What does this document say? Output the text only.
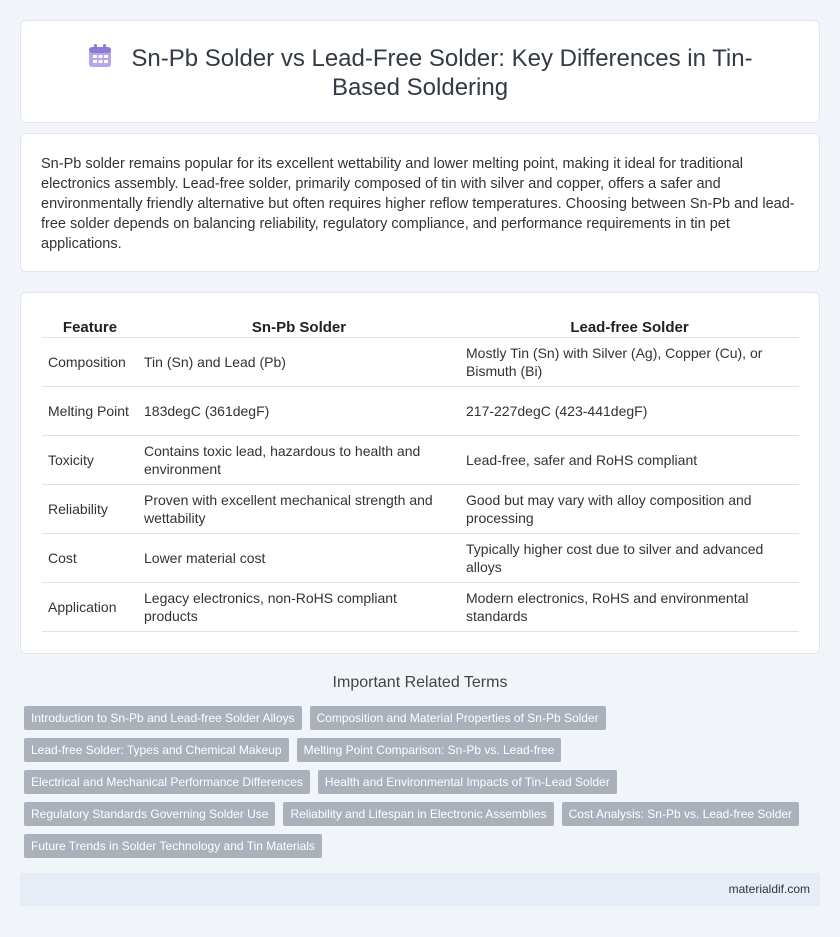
Sn-Pb Solder vs Lead-Free Solder: Key Differences in Tin-Based Soldering

Sn-Pb solder remains popular for its excellent wettability and lower melting point, making it ideal for traditional electronics assembly. Lead-free solder, primarily composed of tin with silver and copper, offers a safer and environmentally friendly alternative but often requires higher reflow temperatures. Choosing between Sn-Pb and lead-free solder depends on balancing reliability, regulatory compliance, and performance requirements in tin pet applications.

Feature	Sn-Pb Solder	Lead-free Solder
Composition	Tin (Sn) and Lead (Pb)	Mostly Tin (Sn) with Silver (Ag), Copper (Cu), or Bismuth (Bi)
Melting Point	183degC (361degF)	217-227degC (423-441degF)
Toxicity	Contains toxic lead, hazardous to health and environment	Lead-free, safer and RoHS compliant
Reliability	Proven with excellent mechanical strength and wettability	Good but may vary with alloy composition and processing
Cost	Lower material cost	Typically higher cost due to silver and advanced alloys
Application	Legacy electronics, non-RoHS compliant products	Modern electronics, RoHS and environmental standards
Important Related Terms
Introduction to Sn-Pb and Lead-free Solder Alloys	Composition and Material Properties of Sn-Pb Solder
Lead-free Solder: Types and Chemical Makeup	Melting Point Comparison: Sn-Pb vs. Lead-free
Electrical and Mechanical Performance Differences	Health and Environmental Impacts of Tin-Lead Solder
Regulatory Standards Governing Solder Use	Reliability and Lifespan in Electronic Assemblies	Cost Analysis: Sn-Pb vs. Lead-free Solder
Future Trends in Solder Technology and Tin Materials
materialdif.com
